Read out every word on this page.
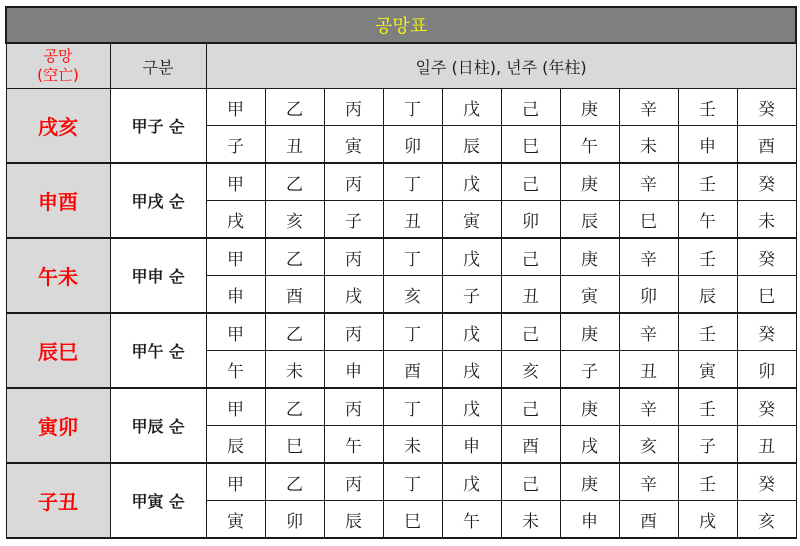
공망표											

공망
(空亡)	구분	일주 (日柱), 년주 (年柱)									
戌亥	甲子 순	甲	乙	丙	丁	戊	己	庚	辛	壬	癸
		子	丑	寅	卯	辰	巳	午	未	申	酉
申酉	甲戌 순	甲	乙	丙	丁	戊	己	庚	辛	壬	癸
		戌	亥	子	丑	寅	卯	辰	巳	午	未
午未	甲申 순	甲	乙	丙	丁	戊	己	庚	辛	壬	癸
		申	酉	戌	亥	子	丑	寅	卯	辰	巳
辰巳	甲午 순	甲	乙	丙	丁	戊	己	庚	辛	壬	癸
		午	未	申	酉	戌	亥	子	丑	寅	卯
寅卯	甲辰 순	甲	乙	丙	丁	戊	己	庚	辛	壬	癸
		辰	巳	午	未	申	酉	戌	亥	子	丑
子丑	甲寅 순	甲	乙	丙	丁	戊	己	庚	辛	壬	癸
		寅	卯	辰	巳	午	未	申	酉	戌	亥
